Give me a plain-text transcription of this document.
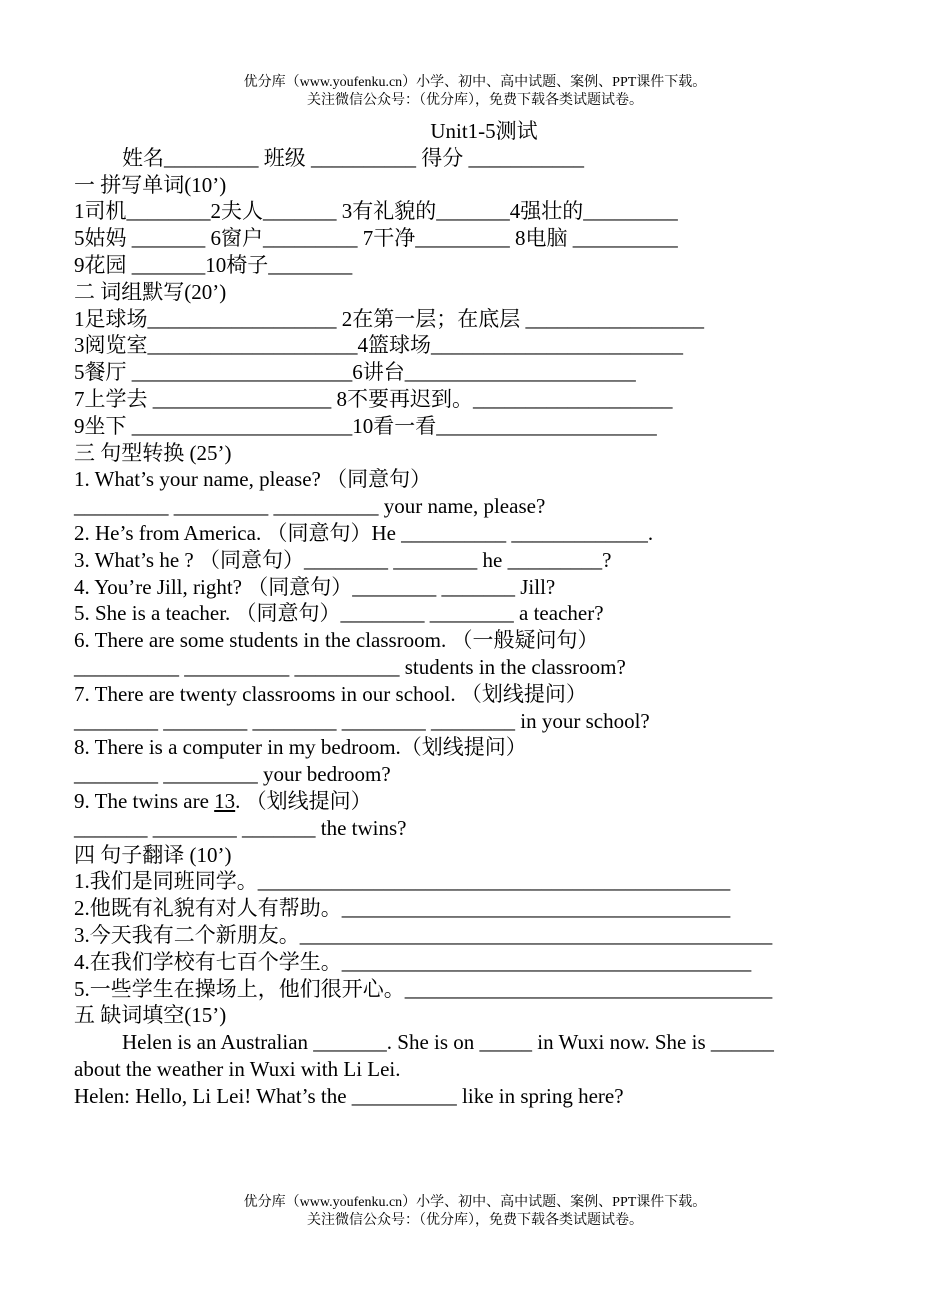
优分库（www.youfenku.cn）小学、初中、高中试题、案例、PPT课件下载。
关注微信公众号：（优分库），免费下载各类试题试卷。
Unit1-5测试
姓名_________ 班级 __________ 得分 ___________
一 拼写单词(10’)
1司机________2夫人_______ 3有礼貌的_______4强壮的_________
5姑妈 _______ 6窗户_________ 7干净_________ 8电脑 __________
9花园 _______10椅子________
二 词组默写(20’)
1足球场__________________ 2在第一层；在底层 _________________
3阅览室____________________4篮球场________________________
5餐厅 _____________________6讲台______________________
7上学去 _________________ 8不要再迟到。___________________
9坐下 _____________________10看一看_____________________
三 句型转换 (25’)
1. What’s your name, please? （同意句）
_________ _________ __________ your name, please?
2. He’s from America. （同意句）He __________ _____________.
3. What’s he ? （同意句）________ ________ he _________?
4. You’re Jill, right? （同意句）________ _______ Jill?
5. She is a teacher. （同意句）________ ________ a teacher?
6. There are some students in the classroom. （一般疑问句）
__________ __________ __________ students in the classroom?
7. There are twenty classrooms in our school. （划线提问）
________ ________ ________ ________ ________ in your school?
8. There is a computer in my bedroom.（划线提问）
________ _________ your bedroom?
9. The twins are 13. （划线提问）
_______ ________ _______ the twins?
四 句子翻译 (10’)
1.我们是同班同学。_____________________________________________
2.他既有礼貌有对人有帮助。_____________________________________
3.今天我有二个新朋友。_____________________________________________
4.在我们学校有七百个学生。_______________________________________
5.一些学生在操场上，他们很开心。___________________________________
五 缺词填空(15’)
Helen is an Australian _______. She is on _____ in Wuxi now. She is ______
about the weather in Wuxi with Li Lei.
Helen: Hello, Li Lei! What’s the __________ like in spring here?
优分库（www.youfenku.cn）小学、初中、高中试题、案例、PPT课件下载。
关注微信公众号：（优分库），免费下载各类试题试卷。
